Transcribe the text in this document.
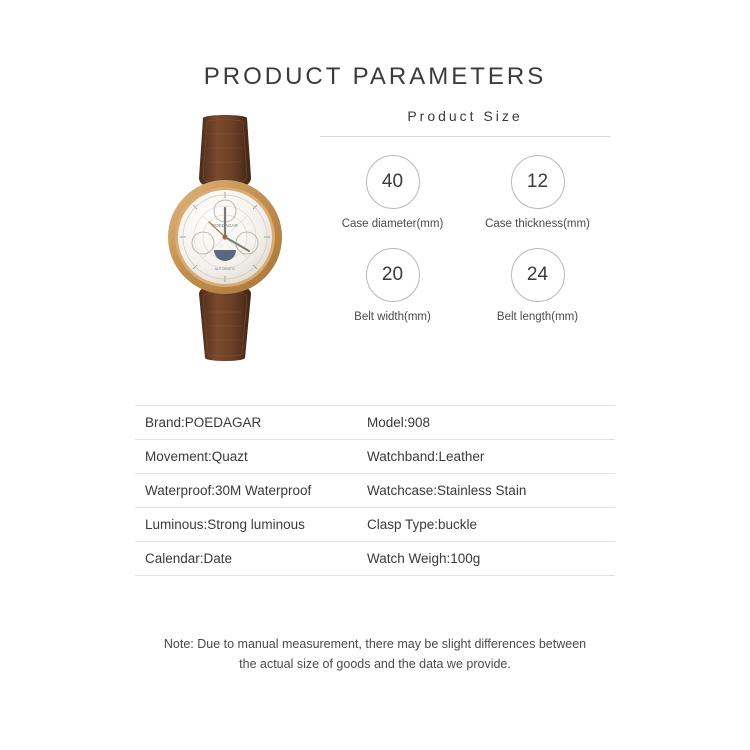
PRODUCT PARAMETERS
POEDAGAR
AUTOMATIC
Product Size
40
Case diameter(mm)
12
Case thickness(mm)
20
Belt width(mm)
24
Belt length(mm)
Brand:POEDAGAR	Model:908
Movement:Quazt	Watchband:Leather
Waterproof:30M Waterproof	Watchcase:Stainless Stain
Luminous:Strong luminous	Clasp Type:buckle
Calendar:Date	Watch Weigh:100g
Note: Due to manual measurement, there may be slight differences between
the actual size of goods and the data we provide.
